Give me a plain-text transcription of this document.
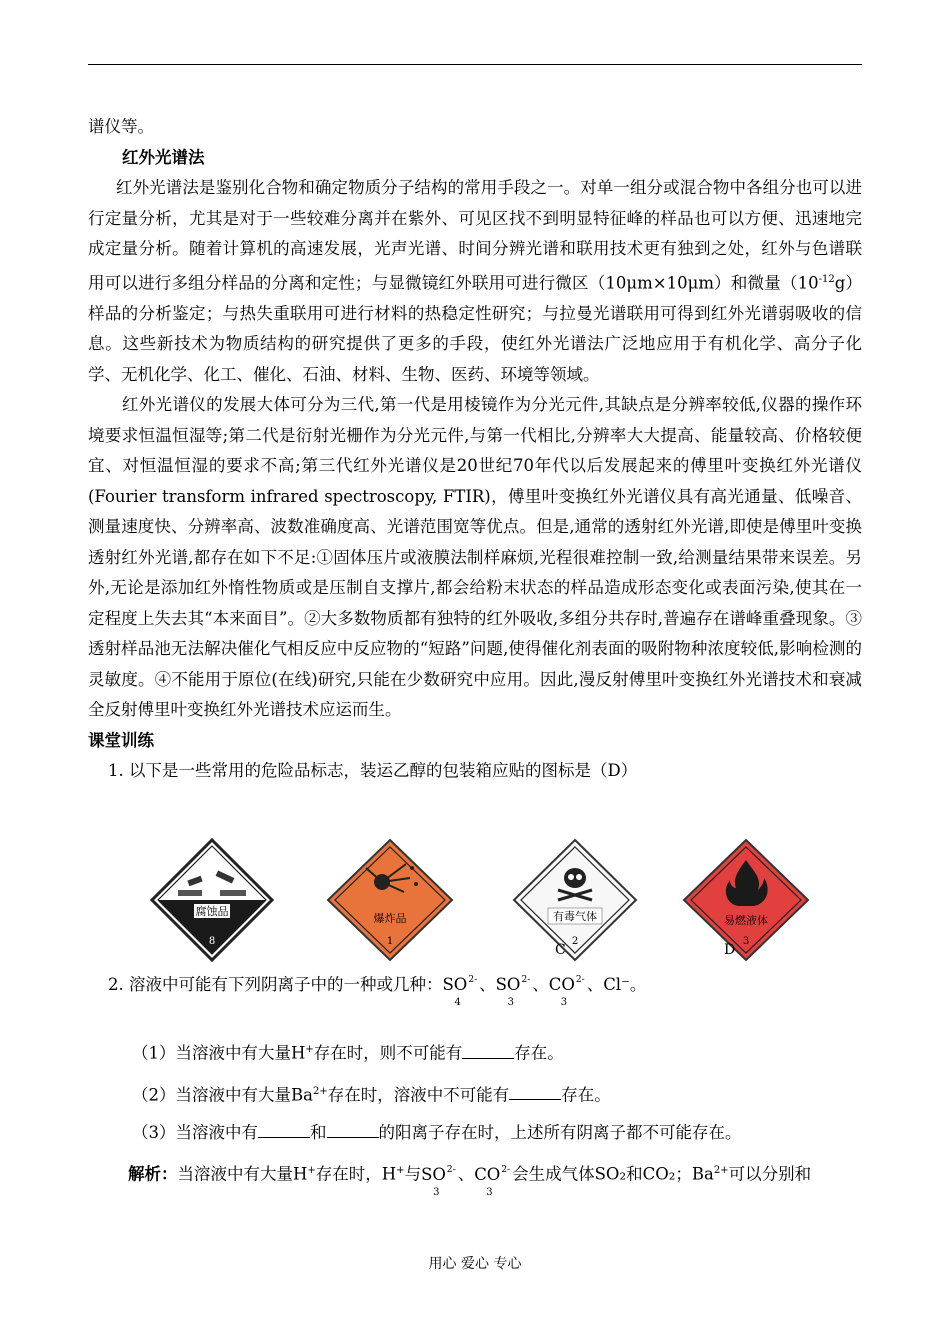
谱仪等。

红外光谱法

红外光谱法是鉴别化合物和确定物质分子结构的常用手段之一。对单一组分或混合物中各组分也可以进行定量分析，尤其是对于一些较难分离并在紫外、可见区找不到明显特征峰的样品也可以方便、迅速地完成定量分析。随着计算机的高速发展，光声光谱、时间分辨光谱和联用技术更有独到之处，红外与色谱联用可以进行多组分样品的分离和定性；与显微镜红外联用可进行微区（10μm×10μm）和微量$(10^{-12}g)$样品的分析鉴定；与热失重联用可进行材料的热稳定性研究；与拉曼光谱联用可得到红外光谱弱吸收的信息。这些新技术为物质结构的研究提供了更多的手段，使红外光谱法广泛地应用于有机化学、高分子化学、无机化学、化工、催化、石油、材料、生物、医药、环境等领域。

红外光谱仪的发展大体可分为三代,第一代是用棱镜作为分光元件,其缺点是分辨率较低,仪器的操作环境要求恒温恒湿等;第二代是衍射光栅作为分光元件,与第一代相比,分辨率大大提高、能量较高、价格较便宜、对恒温恒湿的要求不高;第三代红外光谱仪是20世纪70年代以后发展起来的傅里叶变换红外光谱仪(Fourier transform infrared spectroscopy, FTIR)，傅里叶变换红外光谱仪具有高光通量、低噪音、测量速度快、分辨率高、波数准确度高、光谱范围宽等优点。但是,通常的透射红外光谱,即使是傅里叶变换透射红外光谱,都存在如下不足:①固体压片或液膜法制样麻烦,光程很难控制一致,给测量结果带来误差。另外,无论是添加红外惰性物质或是压制自支撑片,都会给粉末状态的样品造成形态变化或表面污染,使其在一定程度上失去其“本来面目”。②大多数物质都有独特的红外吸收,多组分共存时,普遍存在谱峰重叠现象。③透射样品池无法解决催化气相反应中反应物的“短路”问题,使得催化剂表面的吸附物种浓度较低,影响检测的灵敏度。④不能用于原位(在线)研究,只能在少数研究中应用。因此,漫反射傅里叶变换红外光谱技术和衰减全反射傅里叶变换红外光谱技术应运而生。

课堂训练

1. 以下是一些常用的危险品标志，装运乙醇的包装箱应贴的图标是（D）

腐蚀品
8
爆炸品
1
有毒气体
2
C
易燃液体
3
D

2. 溶液中可能有下列阴离子中的一种或几种：$SO^{2-}$
4
、$SO^{2-}$
3
、$CO^{2-}$
3
、Cl⁻。

（1）当溶液中有大量H+存在时，则不可能有	存在。

（2）当溶液中有大量$Ba^{2+}$存在时，溶液中不可能有	存在。

（3）当溶液中有	和	的阳离子存在时，上述所有阴离子都不可能存在。

解析：当溶液中有大量H+存在时，H+与$SO^{2-}$
3
、$CO^{2-}$
3
会生成气体SO₂和CO₂；$Ba^{2+}$可以分别和

用心 爱心 专心
